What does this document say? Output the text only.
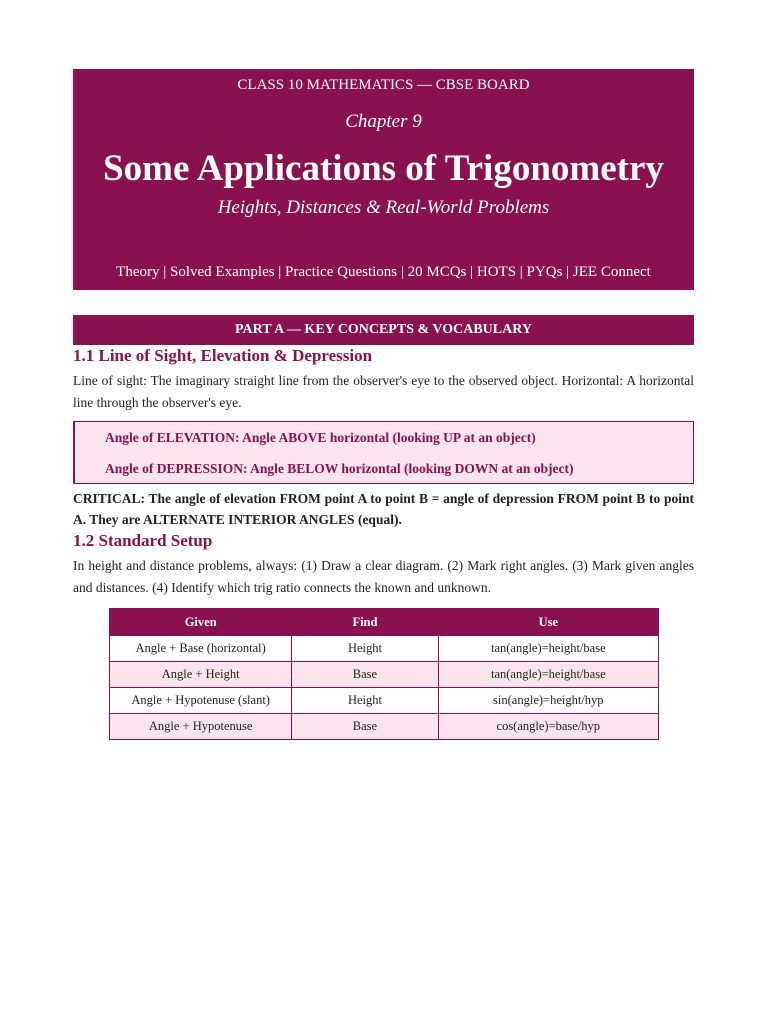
CLASS 10 MATHEMATICS — CBSE BOARD
Chapter 9
Some Applications of Trigonometry
Heights, Distances & Real-World Problems
Theory | Solved Examples | Practice Questions | 20 MCQs | HOTS | PYQs | JEE Connect
PART A — KEY CONCEPTS & VOCABULARY
1.1 Line of Sight, Elevation & Depression

Line of sight: The imaginary straight line from the observer's eye to the observed object. Horizontal: A horizontal line through the observer's eye.

Angle of ELEVATION: Angle ABOVE horizontal (looking UP at an object)
Angle of DEPRESSION: Angle BELOW horizontal (looking DOWN at an object)

CRITICAL: The angle of elevation FROM point A to point B = angle of depression FROM point B to point A. They are ALTERNATE INTERIOR ANGLES (equal).

1.2 Standard Setup

In height and distance problems, always: (1) Draw a clear diagram. (2) Mark right angles. (3) Mark given angles and distances. (4) Identify which trig ratio connects the known and unknown.

Given	Find	Use
Angle + Base (horizontal)	Height	tan(angle)=height/base
Angle + Height	Base	tan(angle)=height/base
Angle + Hypotenuse (slant)	Height	sin(angle)=height/hyp
Angle + Hypotenuse	Base	cos(angle)=base/hyp
